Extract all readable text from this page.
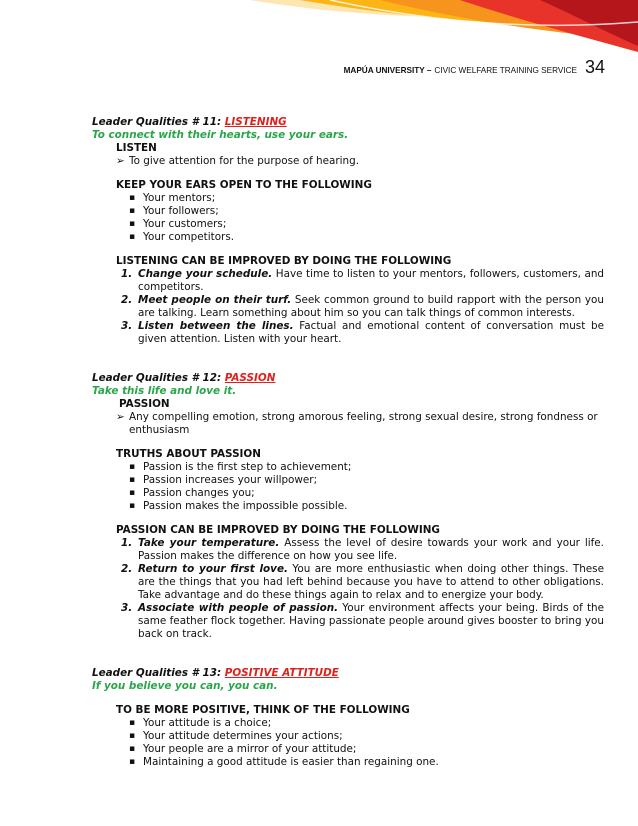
MAPÚA UNIVERSITY – CIVIC WELFARE TRAINING SERVICE 34
Leader Qualities # 11: LISTENING
To connect with their hearts, use your ears.
LISTEN
➢ To give attention for the purpose of hearing.
KEEP YOUR EARS OPEN TO THE FOLLOWING
▪ Your mentors;
▪ Your followers;
▪ Your customers;
▪ Your competitors.
LISTENING CAN BE IMPROVED BY DOING THE FOLLOWING
1. Change your schedule. Have time to listen to your mentors, followers, customers, and competitors.
2. Meet people on their turf. Seek common ground to build rapport with the person you are talking. Learn something about him so you can talk things of common interests.
3. Listen between the lines. Factual and emotional content of conversation must be given attention. Listen with your heart.
Leader Qualities # 12: PASSION
Take this life and love it.
PASSION
➢ Any compelling emotion, strong amorous feeling, strong sexual desire, strong fondness or enthusiasm
TRUTHS ABOUT PASSION
▪ Passion is the first step to achievement;
▪ Passion increases your willpower;
▪ Passion changes you;
▪ Passion makes the impossible possible.
PASSION CAN BE IMPROVED BY DOING THE FOLLOWING
1. Take your temperature. Assess the level of desire towards your work and your life. Passion makes the difference on how you see life.
2. Return to your first love. You are more enthusiastic when doing other things. These are the things that you had left behind because you have to attend to other obligations. Take advantage and do these things again to relax and to energize your body.
3. Associate with people of passion. Your environment affects your being. Birds of the same feather flock together. Having passionate people around gives booster to bring you back on track.
Leader Qualities # 13: POSITIVE ATTITUDE
If you believe you can, you can.
TO BE MORE POSITIVE, THINK OF THE FOLLOWING
▪ Your attitude is a choice;
▪ Your attitude determines your actions;
▪ Your people are a mirror of your attitude;
▪ Maintaining a good attitude is easier than regaining one.
